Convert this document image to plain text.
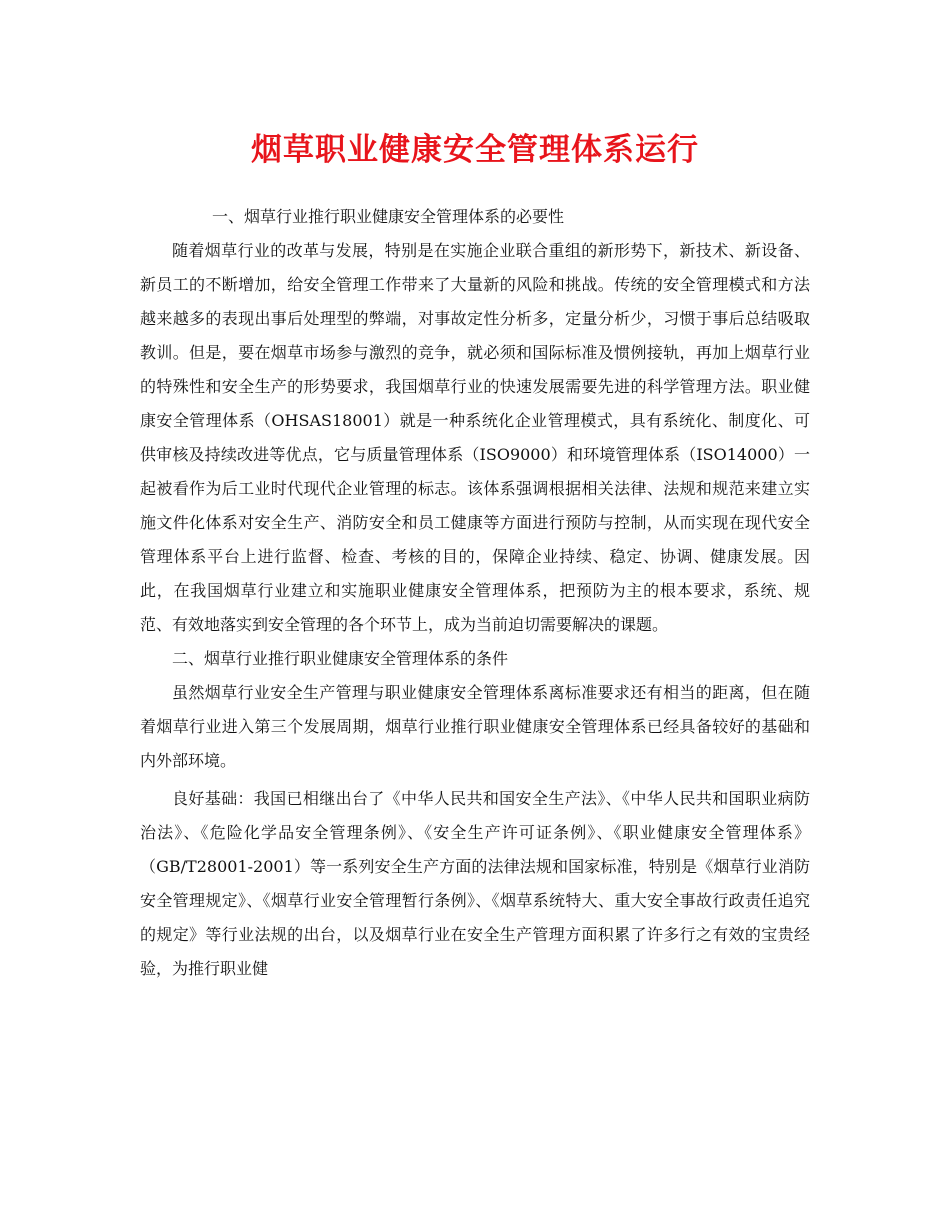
烟草职业健康安全管理体系运行

一、烟草行业推行职业健康安全管理体系的必要性

随着烟草行业的改革与发展，特别是在实施企业联合重组的新形势下，新技术、新设备、新员工的不断增加，给安全管理工作带来了大量新的风险和挑战。传统的安全管理模式和方法越来越多的表现出事后处理型的弊端，对事故定性分析多，定量分析少，习惯于事后总结吸取教训。但是，要在烟草市场参与激烈的竞争，就必须和国际标准及惯例接轨，再加上烟草行业的特殊性和安全生产的形势要求，我国烟草行业的快速发展需要先进的科学管理方法。职业健康安全管理体系（OHSAS18001）就是一种系统化企业管理模式，具有系统化、制度化、可供审核及持续改进等优点，它与质量管理体系（ISO9000）和环境管理体系（ISO14000）一起被看作为后工业时代现代企业管理的标志。该体系强调根据相关法律、法规和规范来建立实施文件化体系对安全生产、消防安全和员工健康等方面进行预防与控制，从而实现在现代安全管理体系平台上进行监督、检查、考核的目的，保障企业持续、稳定、协调、健康发展。因此，在我国烟草行业建立和实施职业健康安全管理体系，把预防为主的根本要求，系统、规范、有效地落实到安全管理的各个环节上，成为当前迫切需要解决的课题。

二、烟草行业推行职业健康安全管理体系的条件

虽然烟草行业安全生产管理与职业健康安全管理体系离标准要求还有相当的距离，但在随着烟草行业进入第三个发展周期，烟草行业推行职业健康安全管理体系已经具备较好的基础和内外部环境。

良好基础：我国已相继出台了《中华人民共和国安全生产法》、《中华人民共和国职业病防治法》、《危险化学品安全管理条例》、《安全生产许可证条例》、《职业健康安全管理体系》（GB/T28001-2001）等一系列安全生产方面的法律法规和国家标准，特别是《烟草行业消防安全管理规定》、《烟草行业安全管理暂行条例》、《烟草系统特大、重大安全事故行政责任追究的规定》等行业法规的出台，以及烟草行业在安全生产管理方面积累了许多行之有效的宝贵经验，为推行职业健
